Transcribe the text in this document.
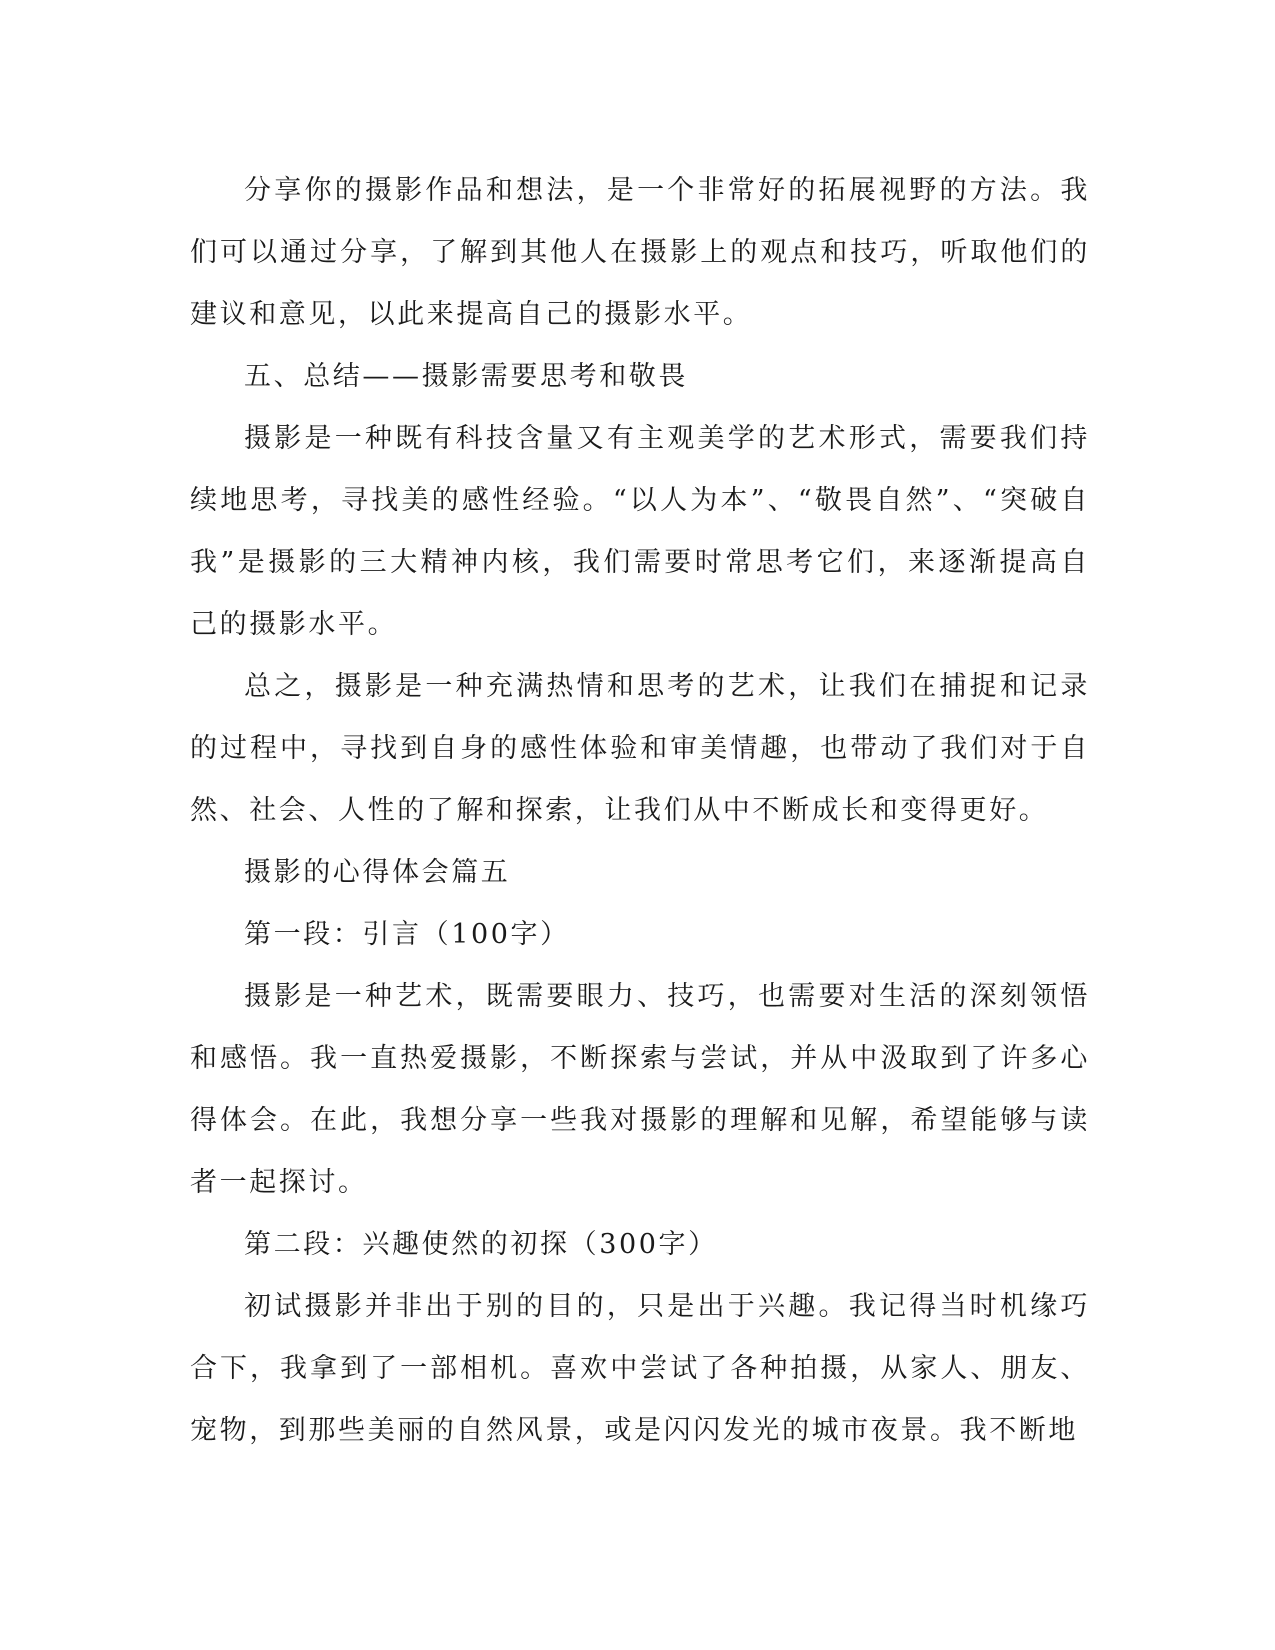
分享你的摄影作品和想法，是一个非常好的拓展视野的方法。我们可以通过分享，了解到其他人在摄影上的观点和技巧，听取他们的建议和意见，以此来提高自己的摄影水平。

五、总结——摄影需要思考和敬畏

摄影是一种既有科技含量又有主观美学的艺术形式，需要我们持续地思考，寻找美的感性经验。“以人为本”、“敬畏自然”、“突破自我”是摄影的三大精神内核，我们需要时常思考它们，来逐渐提高自己的摄影水平。

总之，摄影是一种充满热情和思考的艺术，让我们在捕捉和记录的过程中，寻找到自身的感性体验和审美情趣，也带动了我们对于自然、社会、人性的了解和探索，让我们从中不断成长和变得更好。

摄影的心得体会篇五

第一段：引言（100字）

摄影是一种艺术，既需要眼力、技巧，也需要对生活的深刻领悟和感悟。我一直热爱摄影，不断探索与尝试，并从中汲取到了许多心得体会。在此，我想分享一些我对摄影的理解和见解，希望能够与读者一起探讨。

第二段：兴趣使然的初探（300字）

初试摄影并非出于别的目的，只是出于兴趣。我记得当时机缘巧合下，我拿到了一部相机。喜欢中尝试了各种拍摄，从家人、朋友、宠物，到那些美丽的自然风景，或是闪闪发光的城市夜景。我不断地
